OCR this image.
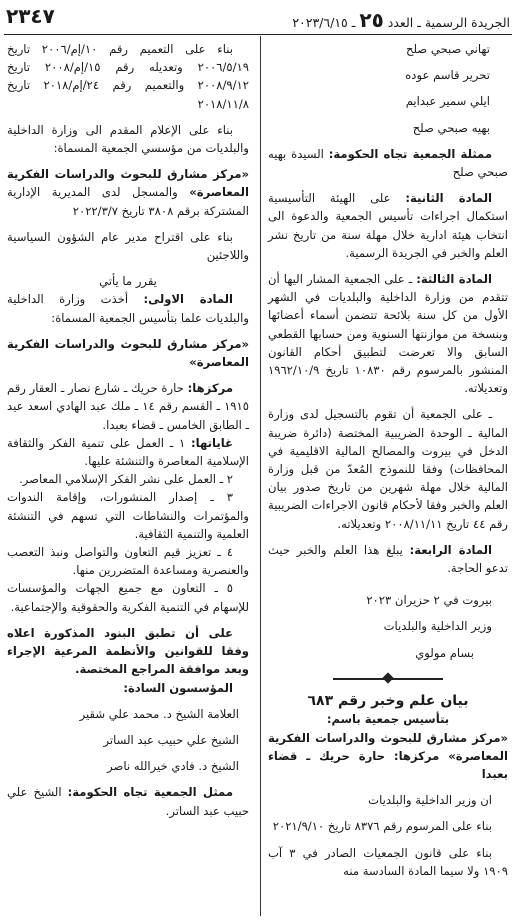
٢٣٤٧	الجريدة الرسمية ـ العدد ٢٥ ـ ٢٠٢٣/٦/١٥

تهاني صبحي صلح

تحرير قاسم عوده

ايلي سمير عبدايم

بهيه صبحي صلح

ممثلة الجمعية تجاه الحكومة: السيدة بهيه صبحي صلح

المادة الثانية: على الهيئة التأسيسية استكمال اجراءات تأسيس الجمعية والدعوة الى انتخاب هيئة ادارية خلال مهلة سنة من تاريخ نشر العلم والخبر في الجريدة الرسمية.

المادة الثالثة: ـ على الجمعية المشار اليها أن تتقدم من وزارة الداخلية والبلديات في الشهر الأول من كل سنة بلائحة تتضمن أسماء أعضائها وبنسخة من موازنتها السنوية ومن حسابها القطعي السابق والا تعرضت لتطبيق أحكام القانون المنشور بالمرسوم رقم ١٠٨٣٠ تاريخ ١٩٦٢/١٠/٩ وتعديلاته.

ـ على الجمعية أن تقوم بالتسجيل لدى وزارة المالية ـ الوحدة الضريبية المختصة (دائرة ضريبة الدخل في بيروت والمصالح المالية الاقليمية في المحافظات) وفقا للنموذج المُعدّ من قبل وزارة المالية خلال مهلة شهرين من تاريخ صدور بيان العلم والخبر وفقا لأحكام قانون الاجراءات الضريبية رقم ٤٤ تاريخ ٢٠٠٨/١١/١١ وتعديلاته.

المادة الرابعة: يبلغ هذا العلم والخبر حيث تدعو الحاجة.

بيروت في ٢ حزيران ٢٠٢٣

وزير الداخلية والبلديات

بسام مولوي

بيان علم وخبر رقم ٦٨٣

بتأسيس جمعية باسم:

«مركز مشارق للبحوث والدراسات الفكرية المعاصرة» مركزها: حارة حريك ـ قضاء بعبدا

ان وزير الداخلية والبلديات

بناء على المرسوم رقم ٨٣٧٦ تاريخ ٢٠٢١/٩/١٠

بناء على قانون الجمعيات الصادر في ٣ آب ١٩٠٩ ولا سيما المادة السادسة منه

بناء على التعميم رقم ١٠/إم/٢٠٠٦ تاريخ ٢٠٠٦/٥/١٩ وتعديله رقم ١٥/إم/٢٠٠٨ تاريخ ٢٠٠٨/٩/١٢ والتعميم رقم ٢٤/إم/٢٠١٨ تاريخ ٢٠١٨/١١/٨

بناء على الإعلام المقدم الى وزارة الداخلية والبلديات من مؤسسي الجمعية المسماة:

«مركز مشارق للبحوث والدراسات الفكرية المعاصرة» والمسجل لدى المديرية الإدارية المشتركة برقم ٣٨٠٨ تاريخ ٢٠٢٢/٣/٧

بناء على اقتراح مدير عام الشؤون السياسية واللاجئين

يقرر ما يأتي

المادة الاولى: أخذت وزارة الداخلية والبلديات علما بتأسيس الجمعية المسماة:

«مركز مشارق للبحوث والدراسات الفكرية المعاصرة»

مركزها: حارة حريك ـ شارع نصار ـ العقار رقم ١٩١٥ ـ القسم رقم ١٤ ـ ملك عبد الهادي اسعد عيد ـ الطابق الخامس ـ قضاء بعبدا.

غاياتها: ١ ـ العمل على تنمية الفكر والثقافة الإسلامية المعاصرة والتنشئة عليها.

٢ ـ العمل على نشر الفكر الإسلامي المعاصر.

٣ ـ إصدار المنشورات، وإقامة الندوات والمؤتمرات والنشاطات التي تسهم في التنشئة العلمية والتنمية الثقافية.

٤ ـ تعزيز قيم التعاون والتواصل ونبذ التعصب والعنصرية ومساعدة المتضررين منها.

٥ ـ التعاون مع جميع الجهات والمؤسسات للإسهام في التنمية الفكرية والحقوقية والإجتماعية.

على أن تطبق البنود المذكورة اعلاه وفقا للقوانين والأنظمة المرعية الإجراء وبعد موافقة المراجع المختصة.

المؤسسون السادة:

العلامة الشيخ د. محمد علي شقير

الشيخ علي حبيب عبد الساتر

الشيخ د. فادي خيرالله ناصر

ممثل الجمعية تجاه الحكومة: الشيخ علي حبيب عبد الساتر.
